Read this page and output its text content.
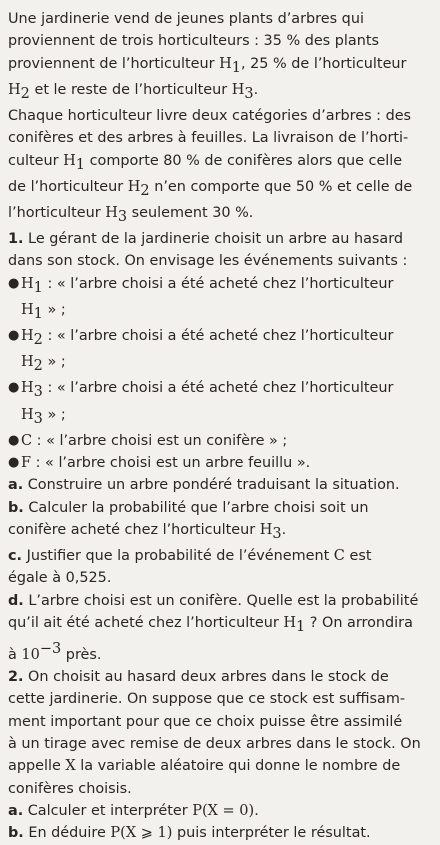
Une jardinerie vend de jeunes plants d’arbres qui
proviennent de trois horticulteurs : 35 % des plants
proviennent de l’horticulteur $H_1$, 25 % de l’horticulteur
$H_2$ et le reste de l’horticulteur $H_3$.

Chaque horticulteur livre deux catégories d’arbres : des
conifères et des arbres à feuilles. La livraison de l’horti-
culteur $H_1$ comporte 80 % de conifères alors que celle
de l’horticulteur $H_2$ n’en comporte que 50 % et celle de
l’horticulteur $H_3$ seulement 30 %.

1. Le gérant de la jardinerie choisit un arbre au hasard
dans son stock. On envisage les événements suivants :

● $H_1$ : « l’arbre choisi a été acheté chez l’horticulteur
$H_1$ » ;
● $H_2$ : « l’arbre choisi a été acheté chez l’horticulteur
$H_2$ » ;
● $H_3$ : « l’arbre choisi a été acheté chez l’horticulteur
$H_3$ » ;
● C : « l’arbre choisi est un conifère » ;
● F : « l’arbre choisi est un arbre feuillu ».

a. Construire un arbre pondéré traduisant la situation.

b. Calculer la probabilité que l’arbre choisi soit un
conifère acheté chez l’horticulteur $H_3$.

c. Justifier que la probabilité de l’événement C est
égale à 0,525.

d. L’arbre choisi est un conifère. Quelle est la probabilité
qu’il ait été acheté chez l’horticulteur $H_1$ ? On arrondira
à $10^{-3}$ près.

2. On choisit au hasard deux arbres dans le stock de
cette jardinerie. On suppose que ce stock est suffisam-
ment important pour que ce choix puisse être assimilé
à un tirage avec remise de deux arbres dans le stock. On
appelle X la variable aléatoire qui donne le nombre de
conifères choisis.

a. Calculer et interpréter P(X = 0).

b. En déduire P(X ⩾ 1) puis interpréter le résultat.
